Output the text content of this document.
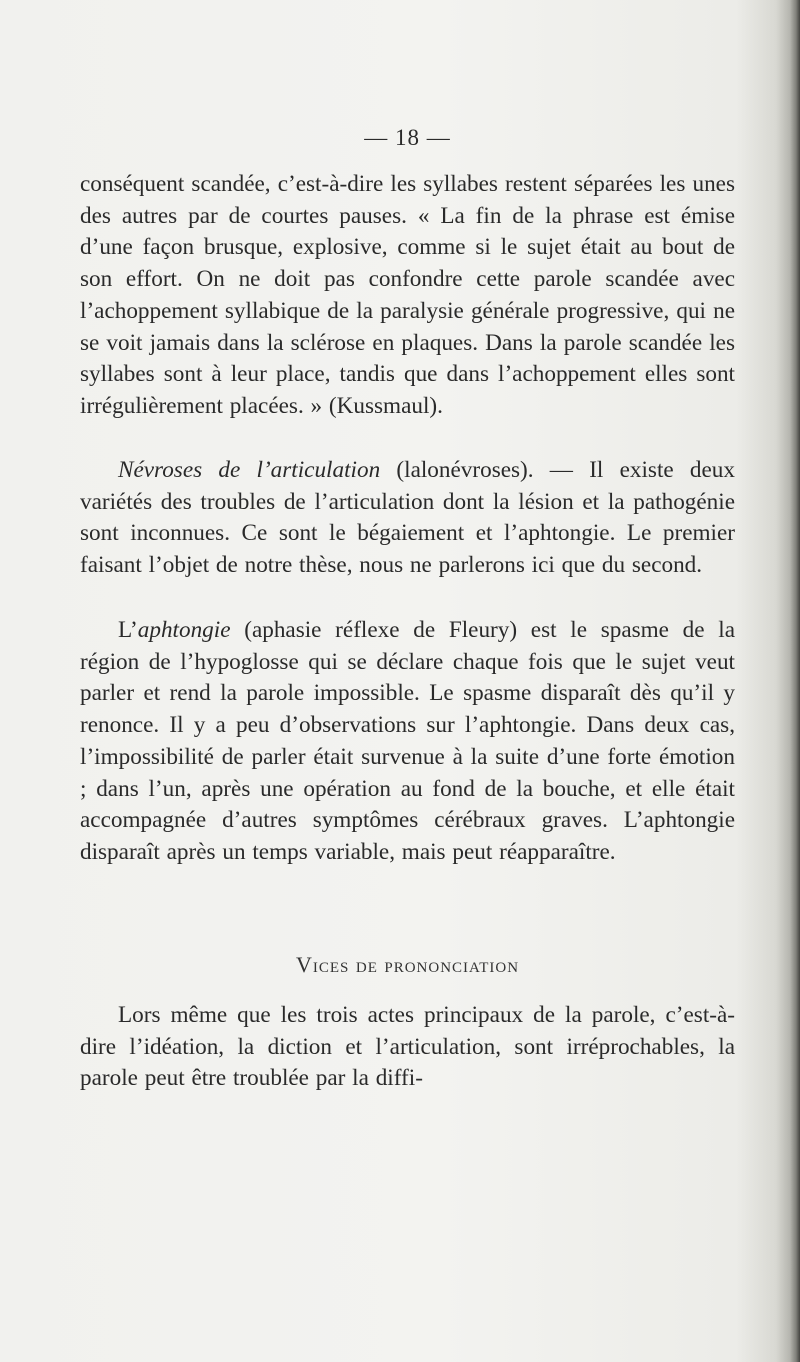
— 18 —

conséquent scandée, c’est-à-dire les syllabes restent séparées les unes des autres par de courtes pauses. « La fin de la phrase est émise d’une façon brusque, explosive, comme si le sujet était au bout de son effort. On ne doit pas confondre cette parole scandée avec l’achoppement syllabique de la paralysie générale progressive, qui ne se voit jamais dans la sclérose en plaques. Dans la parole scandée les syllabes sont à leur place, tandis que dans l’achoppement elles sont irrégulièrement placées. » (Kussmaul).

Névroses de l’articulation (lalonévroses). — Il existe deux variétés des troubles de l’articulation dont la lésion et la pathogénie sont inconnues. Ce sont le bégaiement et l’aphtongie. Le premier faisant l’objet de notre thèse, nous ne parlerons ici que du second.

L’aphtongie (aphasie réflexe de Fleury) est le spasme de la région de l’hypoglosse qui se déclare chaque fois que le sujet veut parler et rend la parole impossible. Le spasme disparaît dès qu’il y renonce. Il y a peu d’observations sur l’aphtongie. Dans deux cas, l’impossibilité de parler était survenue à la suite d’une forte émotion ; dans l’un, après une opération au fond de la bouche, et elle était accompagnée d’autres symptômes cérébraux graves. L’aphtongie disparaît après un temps variable, mais peut réapparaître.

Vices de prononciation

Lors même que les trois actes principaux de la parole, c’est-à-dire l’idéation, la diction et l’articulation, sont irréprochables, la parole peut être troublée par la diffi-
